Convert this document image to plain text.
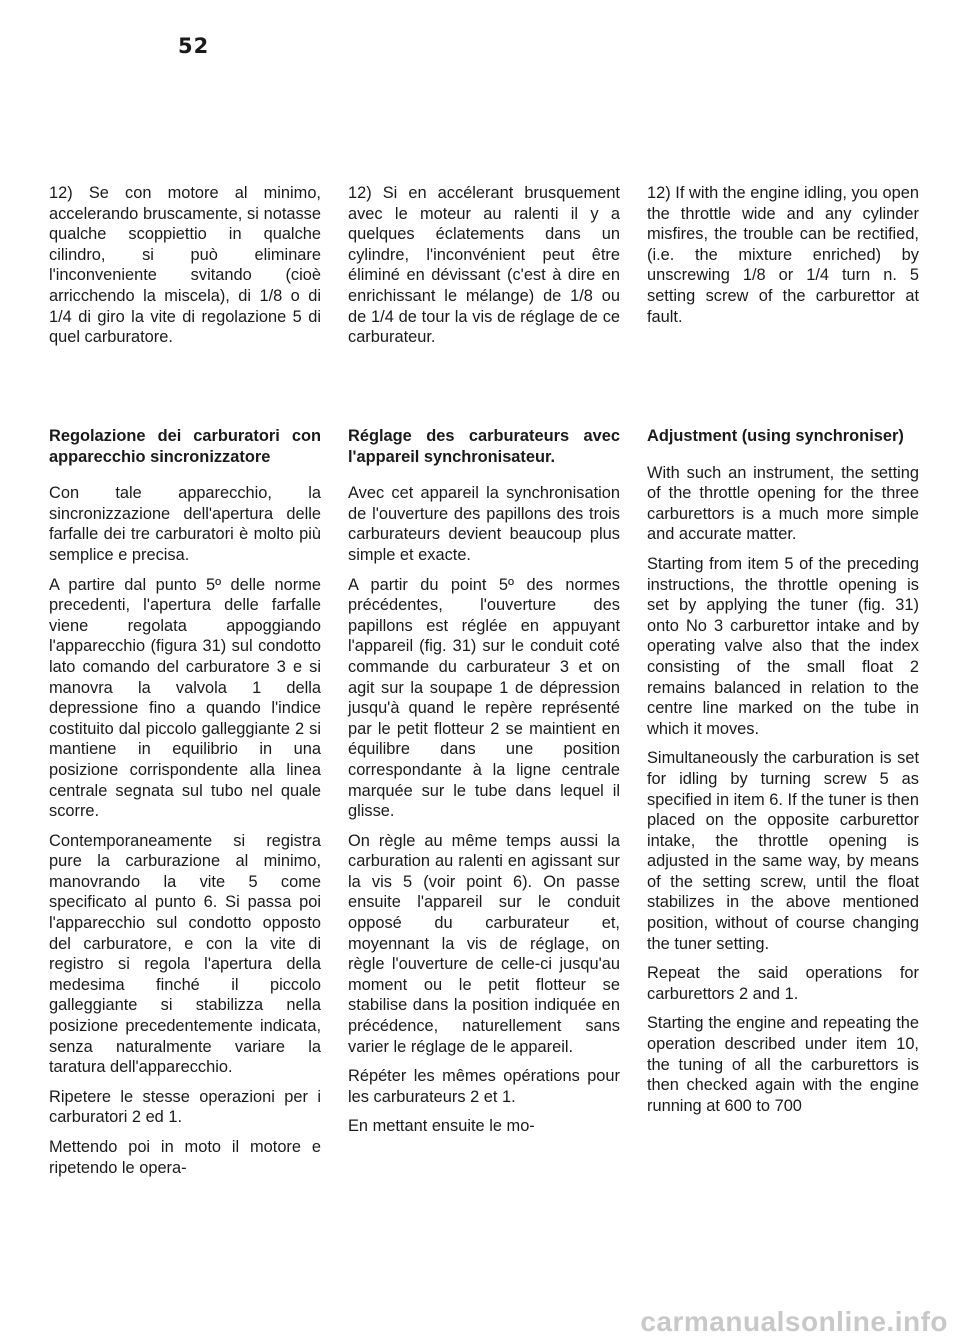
52

12) Se con motore al minimo, accelerando bruscamente, si notasse qualche scoppiettio in qualche cilindro, si può eliminare l'inconveniente svitando (cioè arricchendo la miscela), di 1/8 o di 1/4 di giro la vite di regolazione 5 di quel carburatore.

Regolazione dei carburatori con apparecchio sincronizzatore

Con tale apparecchio, la sincronizzazione dell'apertura delle farfalle dei tre carburatori è molto più semplice e precisa.

A partire dal punto 5º delle norme precedenti, l'apertura delle farfalle viene regolata appoggiando l'apparecchio (figura 31) sul condotto lato comando del carburatore 3 e si manovra la valvola 1 della depressione fino a quando l'indice costituito dal piccolo galleggiante 2 si mantiene in equilibrio in una posizione corrispondente alla linea centrale segnata sul tubo nel quale scorre.

Contemporaneamente si registra pure la carburazione al minimo, manovrando la vite 5 come specificato al punto 6. Si passa poi l'apparecchio sul condotto opposto del carburatore, e con la vite di registro si regola l'apertura della medesima finché il piccolo galleggiante si stabilizza nella posizione precedentemente indicata, senza naturalmente variare la taratura dell'apparecchio.

Ripetere le stesse operazioni per i carburatori 2 ed 1.

Mettendo poi in moto il motore e ripetendo le opera-

12) Si en accélerant brusquement avec le moteur au ralenti il y a quelques éclatements dans un cylindre, l'inconvénient peut être éliminé en dévissant (c'est à dire en enrichissant le mélange) de 1/8 ou de 1/4 de tour la vis de réglage de ce carburateur.

Réglage des carburateurs avec l'appareil synchronisateur.

Avec cet appareil la synchronisation de l'ouverture des papillons des trois carburateurs devient beaucoup plus simple et exacte.

A partir du point 5º des normes précédentes, l'ouverture des papillons est réglée en appuyant l'appareil (fig. 31) sur le conduit coté commande du carburateur 3 et on agit sur la soupape 1 de dépression jusqu'à quand le repère représenté par le petit flotteur 2 se maintient en équilibre dans une position correspondante à la ligne centrale marquée sur le tube dans lequel il glisse.

On règle au même temps aussi la carburation au ralenti en agissant sur la vis 5 (voir point 6). On passe ensuite l'appareil sur le conduit opposé du carburateur et, moyennant la vis de réglage, on règle l'ouverture de celle-ci jusqu'au moment ou le petit flotteur se stabilise dans la position indiquée en précédence, naturellement sans varier le réglage de le appareil.

Répéter les mêmes opérations pour les carburateurs 2 et 1.

En mettant ensuite le mo-

12) If with the engine idling, you open the throttle wide and any cylinder misfires, the trouble can be rectified, (i.e. the mixture enriched) by unscrewing 1/8 or 1/4 turn n. 5 setting screw of the carburettor at fault.

Adjustment (using synchroniser)

With such an instrument, the setting of the throttle opening for the three carburettors is a much more simple and accurate matter.

Starting from item 5 of the preceding instructions, the throttle opening is set by applying the tuner (fig. 31) onto No 3 carburettor intake and by operating valve also that the index consisting of the small float 2 remains balanced in relation to the centre line marked on the tube in which it moves.

Simultaneously the carburation is set for idling by turning screw 5 as specified in item 6. If the tuner is then placed on the opposite carburettor intake, the throttle opening is adjusted in the same way, by means of the setting screw, until the float stabilizes in the above mentioned position, without of course changing the tuner setting.

Repeat the said operations for carburettors 2 and 1.

Starting the engine and repeating the operation described under item 10, the tuning of all the carburettors is then checked again with the engine running at 600 to 700

carmanualsonline.info
